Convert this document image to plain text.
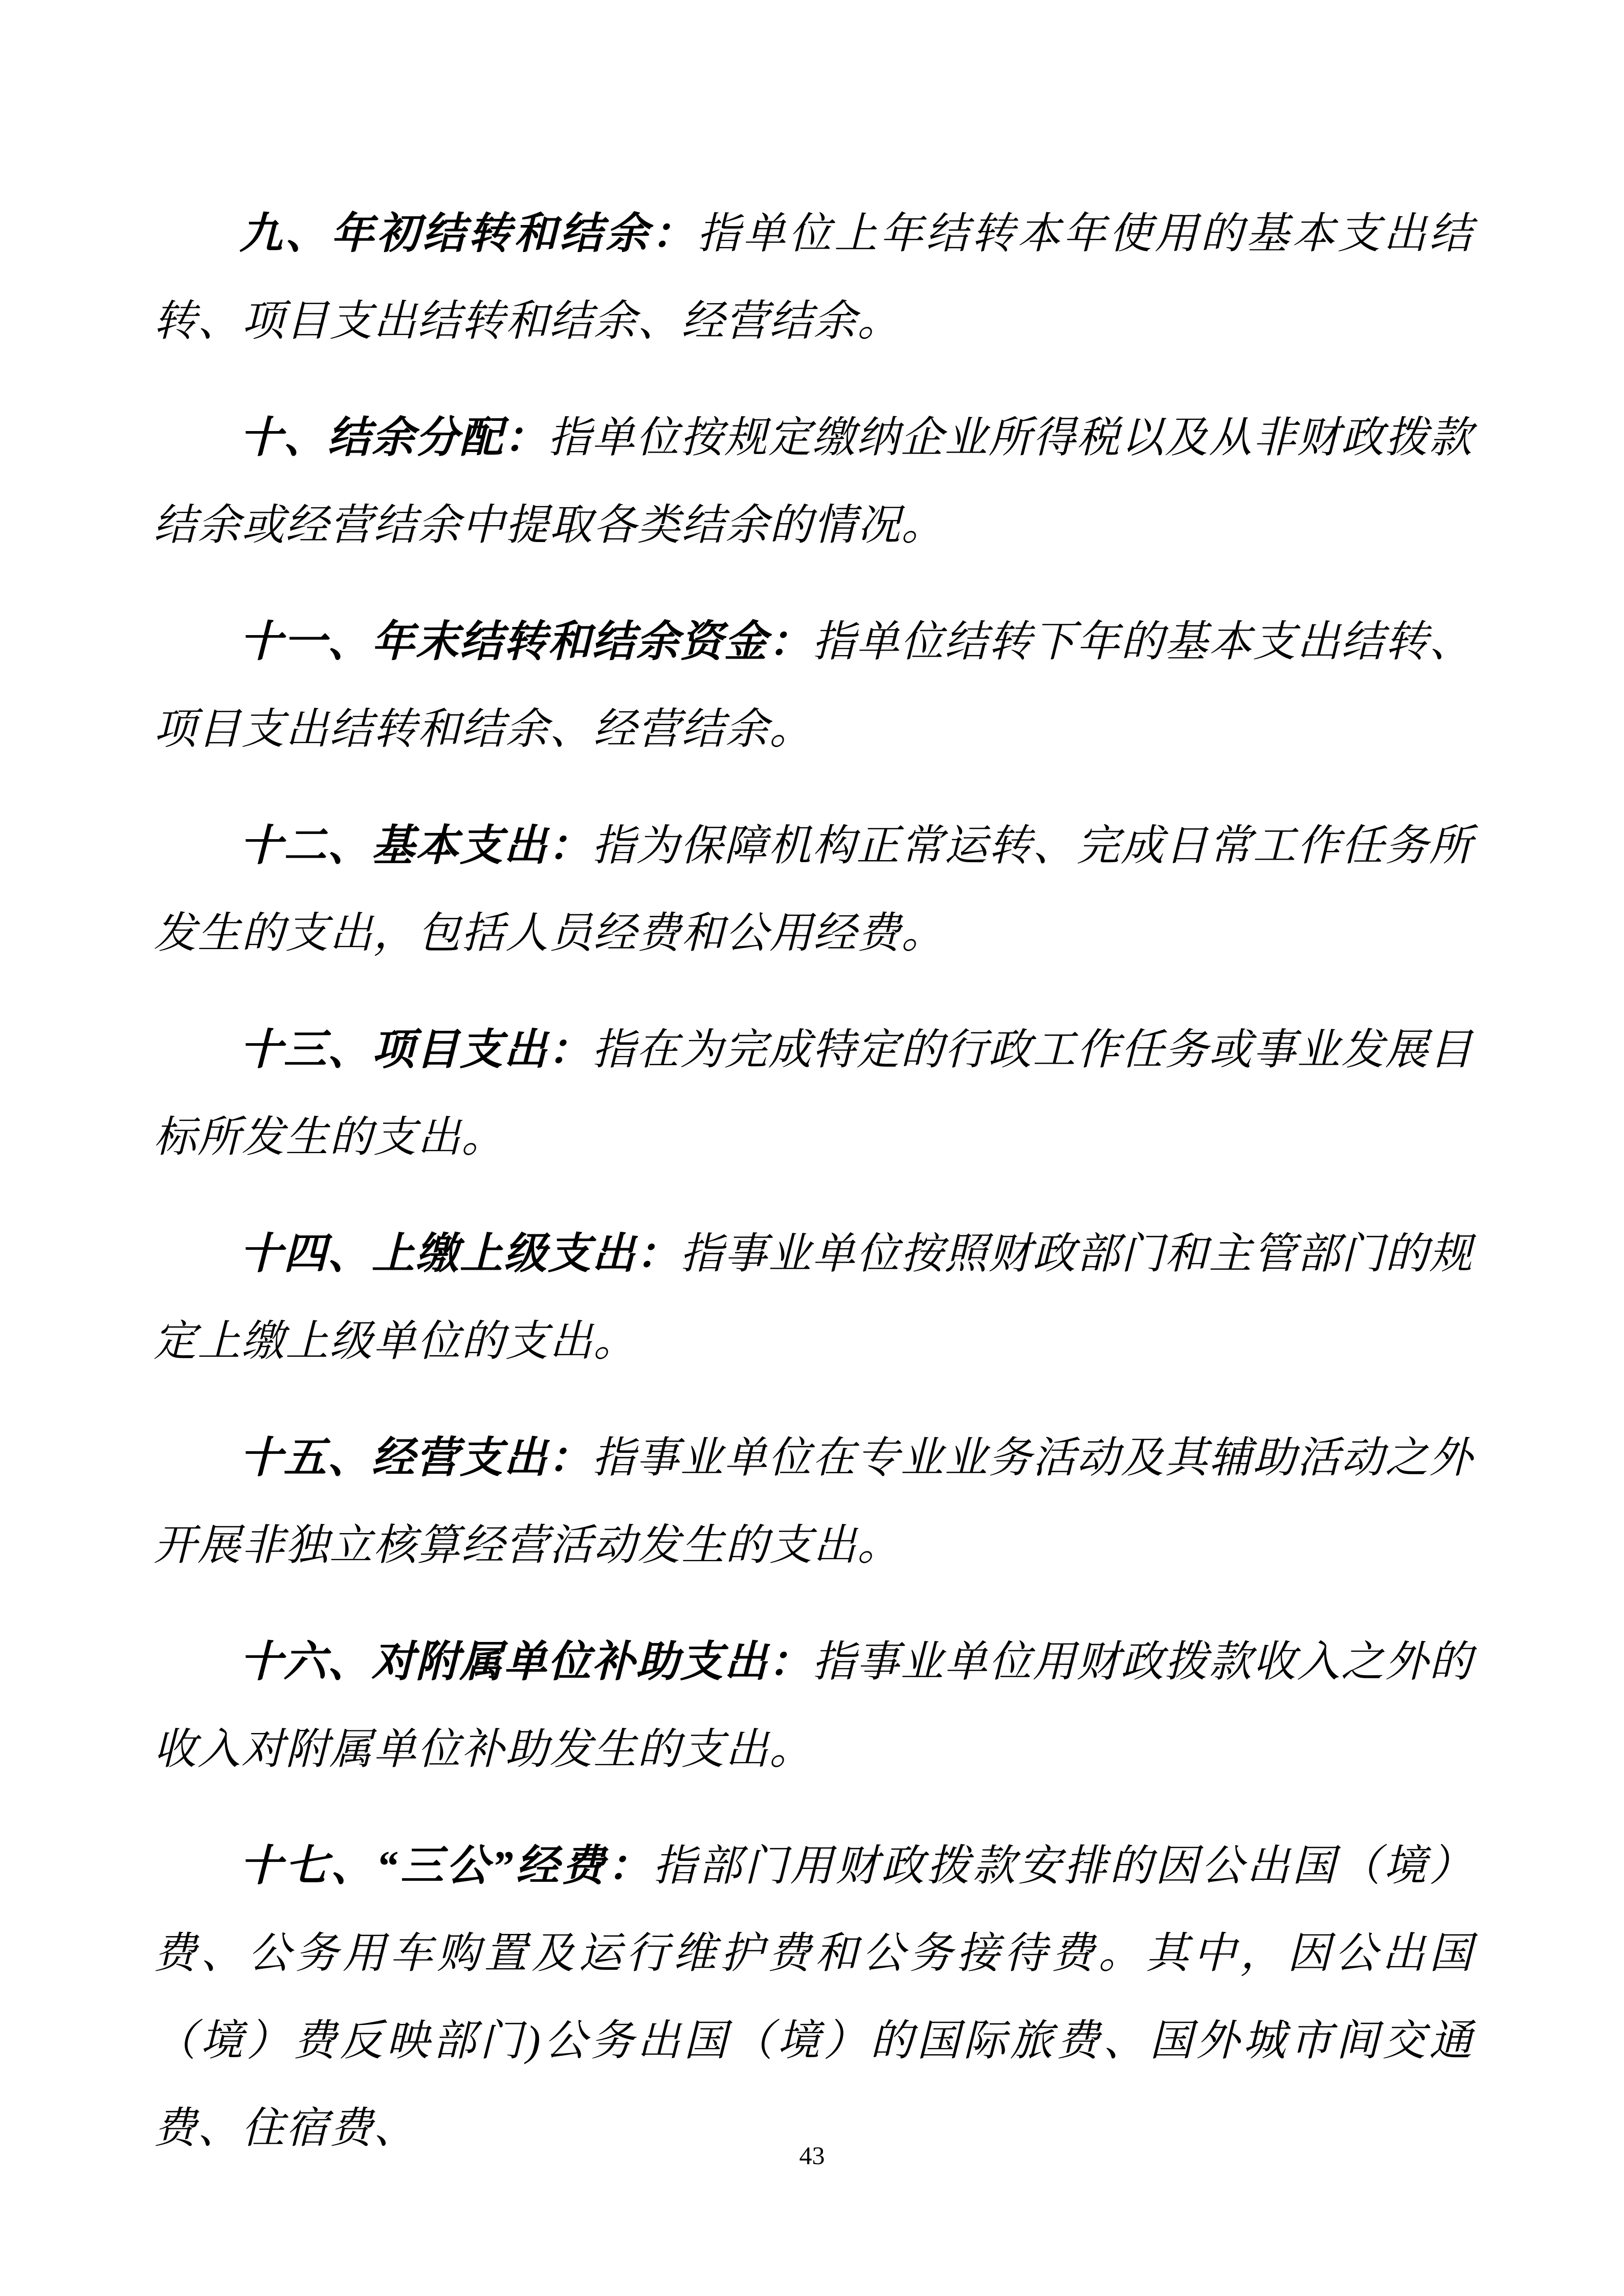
九、年初结转和结余：指单位上年结转本年使用的基本支出结转、项目支出结转和结余、经营结余。

十、结余分配：指单位按规定缴纳企业所得税以及从非财政拨款结余或经营结余中提取各类结余的情况。

十一、年末结转和结余资金：指单位结转下年的基本支出结转、项目支出结转和结余、经营结余。

十二、基本支出：指为保障机构正常运转、完成日常工作任务所发生的支出，包括人员经费和公用经费。

十三、项目支出：指在为完成特定的行政工作任务或事业发展目标所发生的支出。

十四、上缴上级支出：指事业单位按照财政部门和主管部门的规定上缴上级单位的支出。

十五、经营支出：指事业单位在专业业务活动及其辅助活动之外开展非独立核算经营活动发生的支出。

十六、对附属单位补助支出：指事业单位用财政拨款收入之外的收入对附属单位补助发生的支出。

十七、“三公”经费：指部门用财政拨款安排的因公出国（境）费、公务用车购置及运行维护费和公务接待费。其中，因公出国（境）费反映部门)公务出国（境）的国际旅费、国外城市间交通费、住宿费、

43
